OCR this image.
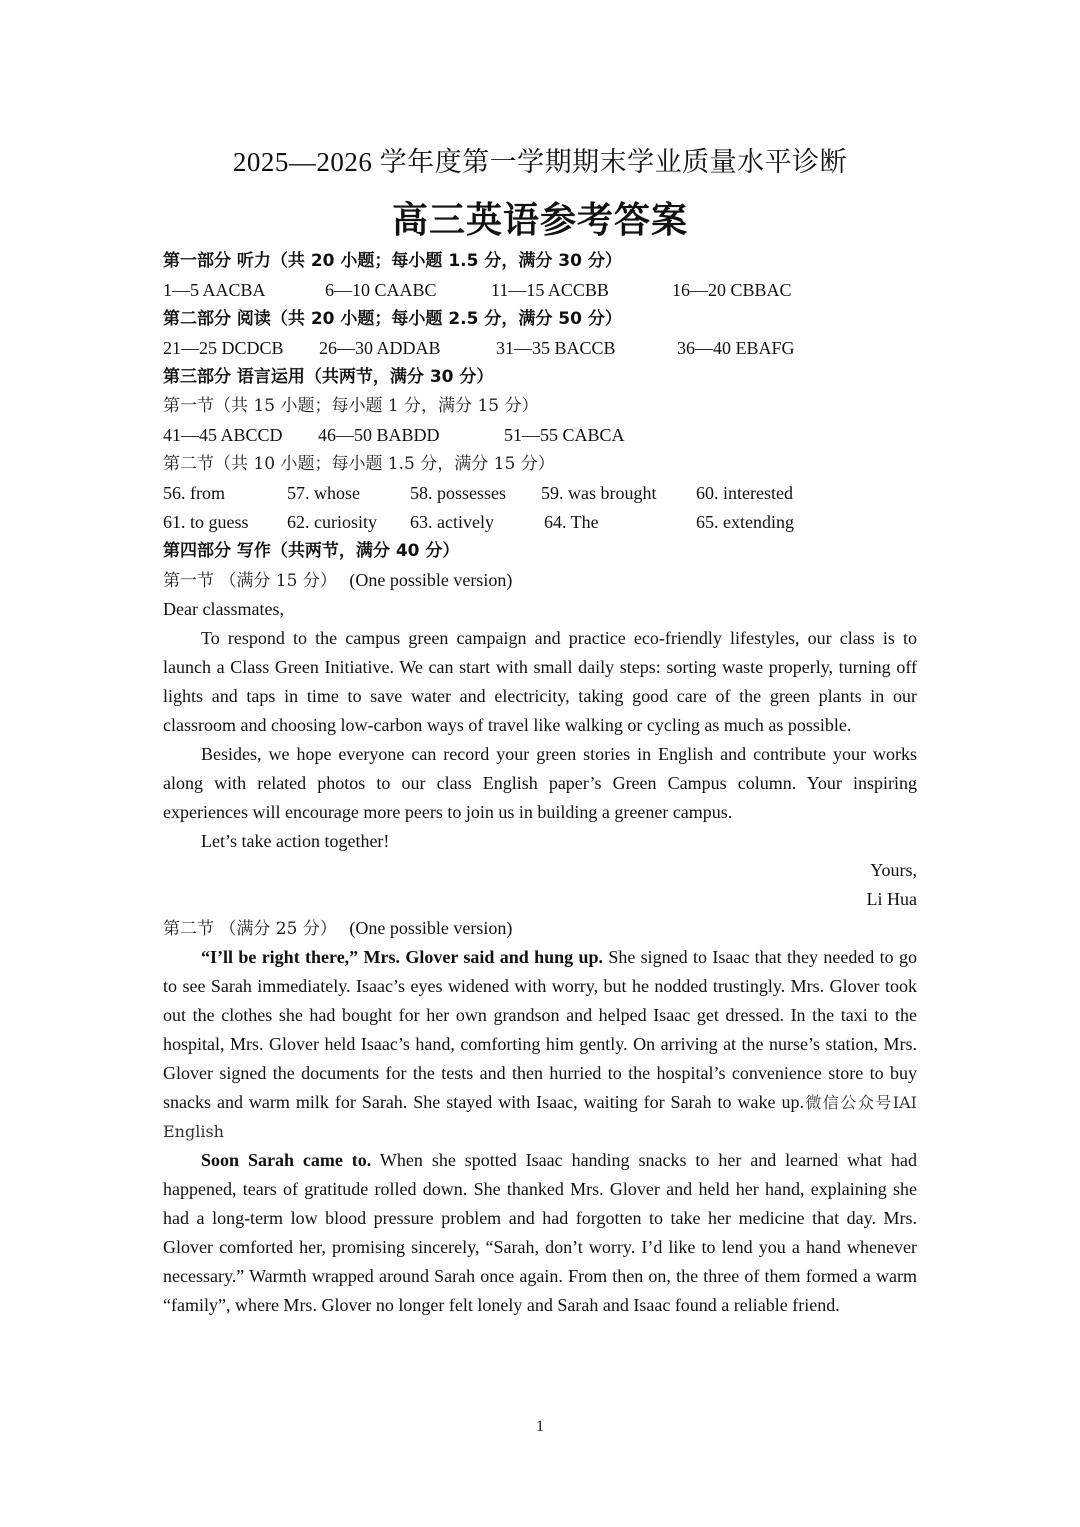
2025—2026 学年度第一学期期末学业质量水平诊断
高三英语参考答案
第一部分 听力（共 20 小题；每小题 1.5 分，满分 30 分）
1—5 AACBA	6—10 CAABC	11—15 ACCBB	16—20 CBBAC
第二部分 阅读（共 20 小题；每小题 2.5 分，满分 50 分）
21—25 DCDCB 26—30 ADDAB	31—35 BACCB	36—40 EBAFG
第三部分 语言运用（共两节，满分 30 分）
第一节（共 15 小题；每小题 1 分，满分 15 分）
41—45 ABCCD 46—50 BABDD	51—55 CABCA
第二节（共 10 小题；每小题 1.5 分，满分 15 分）
56. from	57. whose	58. possesses 59. was brought 60. interested
61. to guess 62. curiosity 63. actively	64. The	65. extending
第四部分 写作（共两节，满分 40 分）
第一节 （满分 15 分） (One possible version)
Dear classmates,

To respond to the campus green campaign and practice eco-friendly lifestyles, our class is to launch a Class Green Initiative. We can start with small daily steps: sorting waste properly, turning off lights and taps in time to save water and electricity, taking good care of the green plants in our classroom and choosing low-carbon ways of travel like walking or cycling as much as possible.

Besides, we hope everyone can record your green stories in English and contribute your works along with related photos to our class English paper’s Green Campus column. Your inspiring experiences will encourage more peers to join us in building a greener campus.

Let’s take action together!

Yours,
Li Hua
第二节 （满分 25 分） (One possible version)

“I’ll be right there,” Mrs. Glover said and hung up. She signed to Isaac that they needed to go to see Sarah immediately. Isaac’s eyes widened with worry, but he nodded trustingly. Mrs. Glover took out the clothes she had bought for her own grandson and helped Isaac get dressed. In the taxi to the hospital, Mrs. Glover held Isaac’s hand, comforting him gently. On arriving at the nurse’s station, Mrs. Glover signed the documents for the tests and then hurried to the hospital’s convenience store to buy snacks and warm milk for Sarah. She stayed with Isaac, waiting for Sarah to wake up.微信公众号IAI English

Soon Sarah came to. When she spotted Isaac handing snacks to her and learned what had happened, tears of gratitude rolled down. She thanked Mrs. Glover and held her hand, explaining she had a long-term low blood pressure problem and had forgotten to take her medicine that day. Mrs. Glover comforted her, promising sincerely, “Sarah, don’t worry. I’d like to lend you a hand whenever necessary.” Warmth wrapped around Sarah once again. From then on, the three of them formed a warm “family”, where Mrs. Glover no longer felt lonely and Sarah and Isaac found a reliable friend.

1
